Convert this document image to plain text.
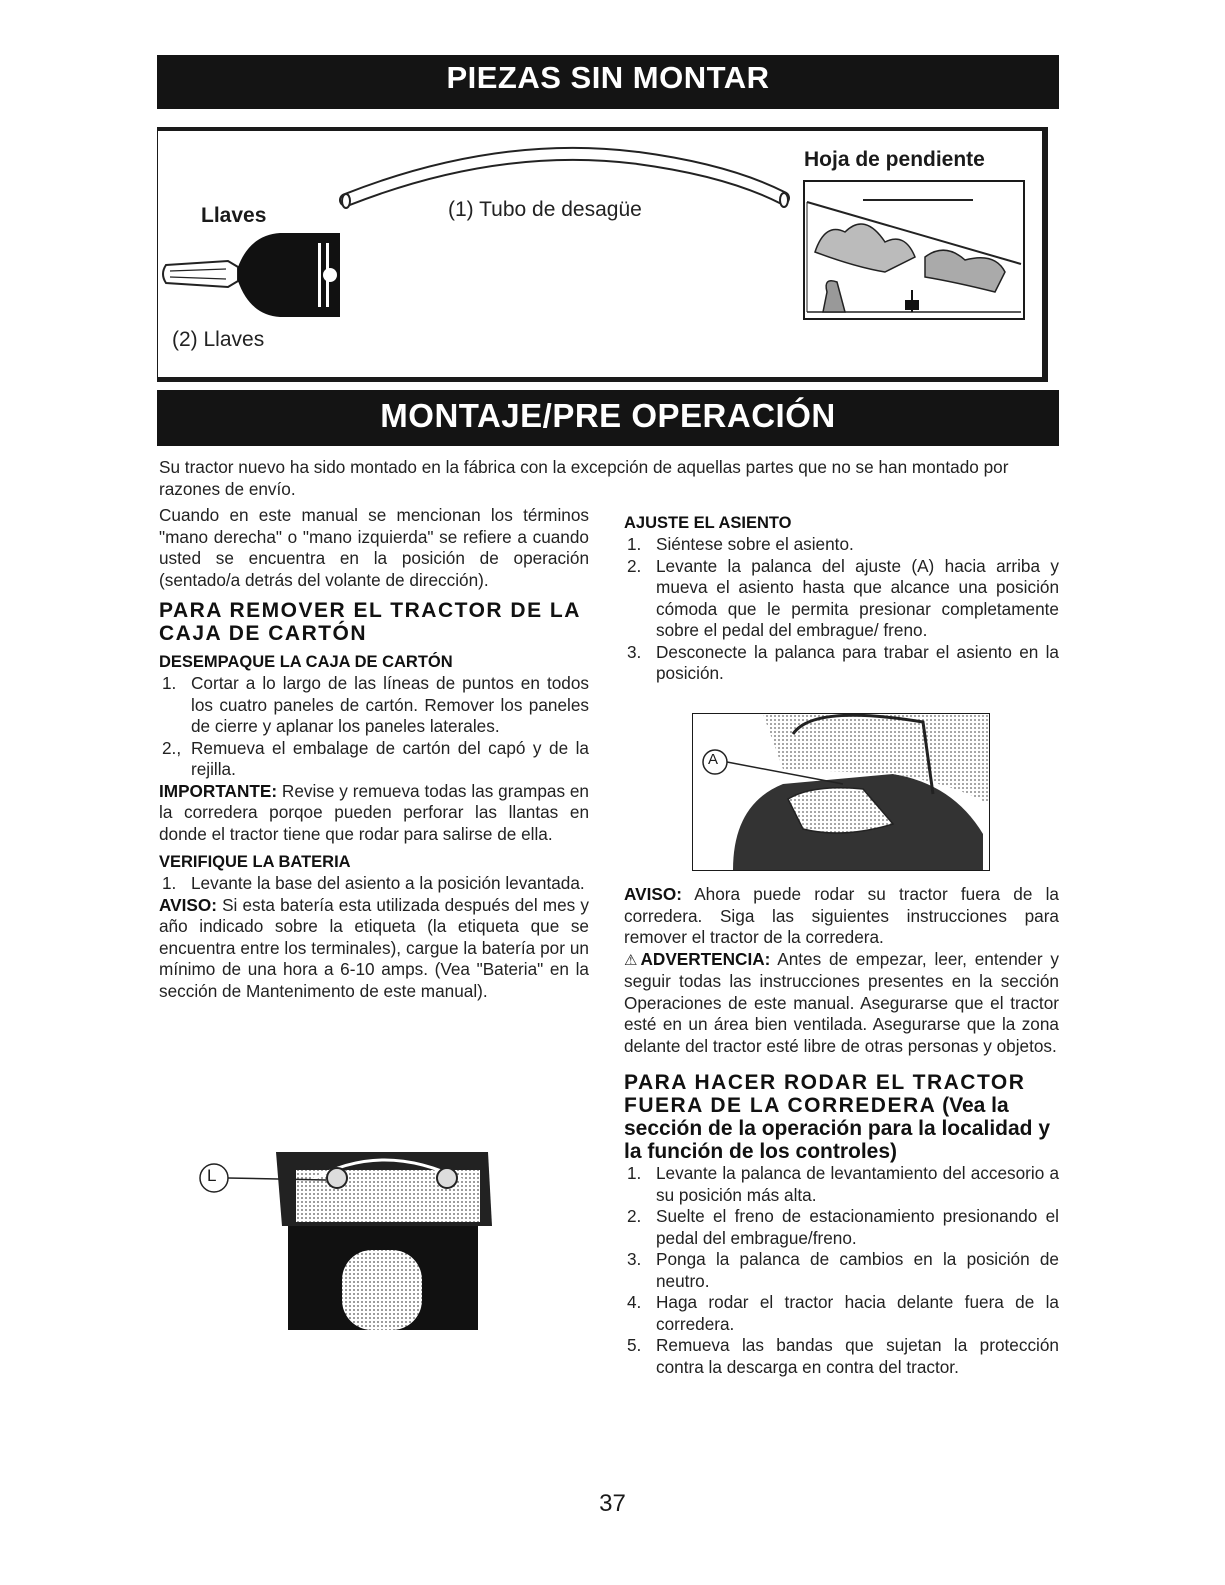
PIEZAS SIN MONTAR
Llaves
(2) Llaves
(1) Tubo de desagüe
Hoja de pendiente
MONTAJE/PRE OPERACIÓN
Su tractor nuevo ha sido montado en la fábrica con la excepción de aquellas partes que no se han montado por razones de envío.
Cuando en este manual se mencionan los términos "mano derecha" o "mano izquierda" se refiere a cuando usted se encuentra en la posición de operación (sentado/a detrás del volante de dirección).
PARA REMOVER EL TRACTOR DE LA CAJA DE CARTÓN
DESEMPAQUE LA CAJA DE CARTÓN
1. Cortar a lo largo de las líneas de puntos en todos los cuatro paneles de cartón. Remover los paneles de cierre y aplanar los paneles laterales.
2., Remueva el embalage de cartón del capó y de la rejilla.
IMPORTANTE: Revise y remueva todas las grampas en la corredera porqoe pueden perforar las llantas en donde el tractor tiene que rodar para salirse de ella.
VERIFIQUE LA BATERIA
1. Levante la base del asiento a la posición levantada.
AVISO: Si esta batería esta utilizada después del mes y año indicado sobre la etiqueta (la etiqueta que se encuentra entre los terminales), cargue la batería por un mínimo de una hora a 6-10 amps. (Vea "Bateria" en la sección de Mantenimento de este manual).
L
AJUSTE EL ASIENTO
1. Siéntese sobre el asiento.
2. Levante la palanca del ajuste (A) hacia arriba y mueva el asiento hasta que alcance una posición cómoda que le permita presionar completamente sobre el pedal del embrague/ freno.
3. Desconecte la palanca para trabar el asiento en la posición.
A
AVISO: Ahora puede rodar su tractor fuera de la corredera. Siga las siguientes instrucciones para remover el tractor de la corredera.
⚠ADVERTENCIA: Antes de empezar, leer, entender y seguir todas las instrucciones presentes en la sección Operaciones de este manual. Asegurarse que el tractor esté en un área bien ventilada. Asegurarse que la zona delante del tractor esté libre de otras personas y objetos.
PARA HACER RODAR EL TRACTOR FUERA DE LA CORREDERA (Vea la sección de la operación para la localidad y la función de los controles)
1. Levante la palanca de levantamiento del accesorio a su posición más alta.
2. Suelte el freno de estacionamiento presionando el pedal del embrague/freno.
3. Ponga la palanca de cambios en la posición de neutro.
4. Haga rodar el tractor hacia delante fuera de la corredera.
5. Remueva las bandas que sujetan la protección contra la descarga en contra del tractor.
37
